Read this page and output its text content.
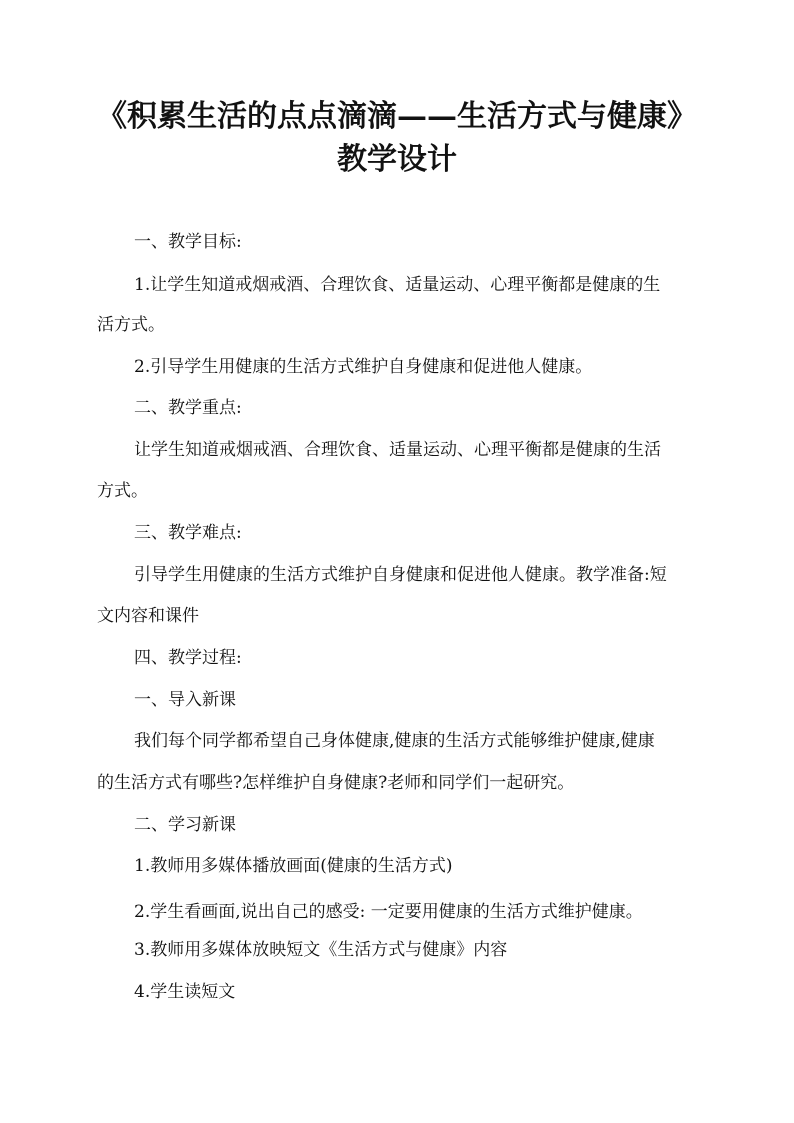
《积累生活的点点滴滴——生活方式与健康》
教学设计
一、教学目标:
1.让学生知道戒烟戒酒、合理饮食、适量运动、心理平衡都是健康的生
活方式。
2.引导学生用健康的生活方式维护自身健康和促进他人健康。
二、教学重点:
让学生知道戒烟戒酒、合理饮食、适量运动、心理平衡都是健康的生活
方式。
三、教学难点:
引导学生用健康的生活方式维护自身健康和促进他人健康。教学准备:短
文内容和课件
四、教学过程:
一、导入新课
我们每个同学都希望自己身体健康,健康的生活方式能够维护健康,健康
的生活方式有哪些?怎样维护自身健康?老师和同学们一起研究。
二、学习新课
1.教师用多媒体播放画面(健康的生活方式)
2.学生看画面,说出自己的感受: 一定要用健康的生活方式维护健康。
3.教师用多媒体放映短文《生活方式与健康》内容
4.学生读短文
